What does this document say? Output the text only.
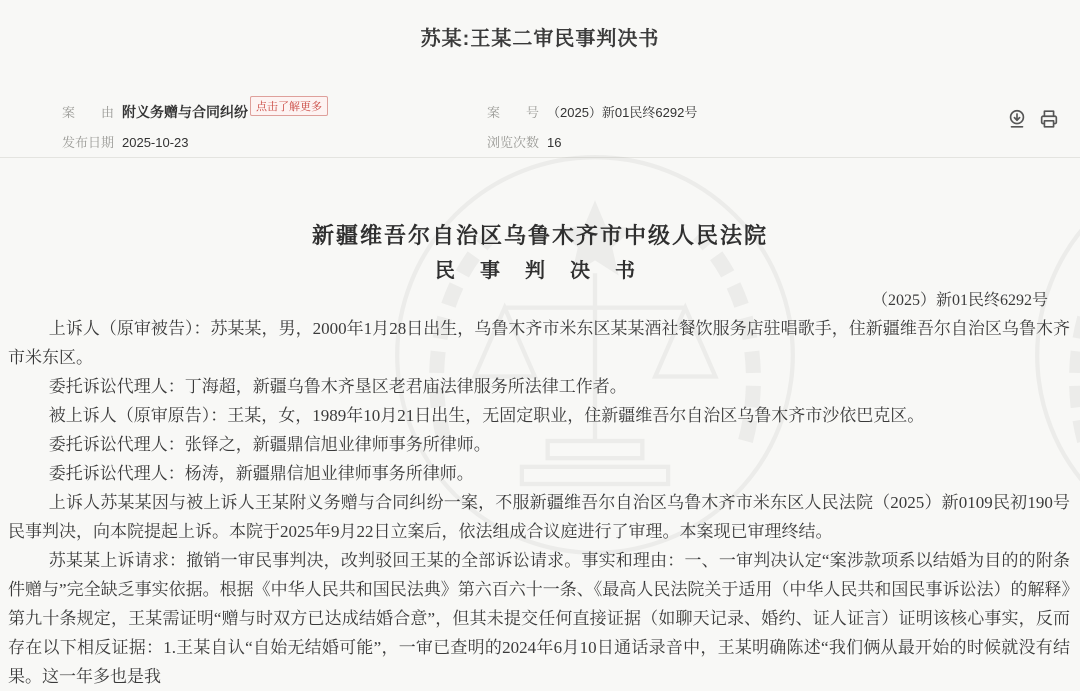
苏某:王某二审民事判决书
案　　由 附义务赠与合同纠纷 点击了解更多	案　　号 （2025）新01民终6292号
发布日期 2025-10-23	浏览次数 16
新疆维吾尔自治区乌鲁木齐市中级人民法院
民 事 判 决 书
（2025）新01民终6292号

上诉人（原审被告）：苏某某，男，2000年1月28日出生，乌鲁木齐市米东区某某酒社餐饮服务店驻唱歌手，住新疆维吾尔自治区乌鲁木齐市米东区。

委托诉讼代理人：丁海超，新疆乌鲁木齐垦区老君庙法律服务所法律工作者。

被上诉人（原审原告）：王某，女，1989年10月21日出生，无固定职业，住新疆维吾尔自治区乌鲁木齐市沙依巴克区。

委托诉讼代理人：张铎之，新疆鼎信旭业律师事务所律师。

委托诉讼代理人：杨涛，新疆鼎信旭业律师事务所律师。

上诉人苏某某因与被上诉人王某附义务赠与合同纠纷一案，不服新疆维吾尔自治区乌鲁木齐市米东区人民法院（2025）新0109民初190号民事判决，向本院提起上诉。本院于2025年9月22日立案后，依法组成合议庭进行了审理。本案现已审理终结。

苏某某上诉请求：撤销一审民事判决，改判驳回王某的全部诉讼请求。事实和理由：一、一审判决认定“案涉款项系以结婚为目的的附条件赠与”完全缺乏事实依据。根据《中华人民共和国民法典》第六百六十一条、《最高人民法院关于适用（中华人民共和国民事诉讼法）的解释》第九十条规定，王某需证明“赠与时双方已达成结婚合意”，但其未提交任何直接证据（如聊天记录、婚约、证人证言）证明该核心事实，反而存在以下相反证据：1.王某自认“自始无结婚可能”，一审已查明的2024年6月10日通话录音中，王某明确陈述“我们俩从最开始的时候就没有结果。这一年多也是我
